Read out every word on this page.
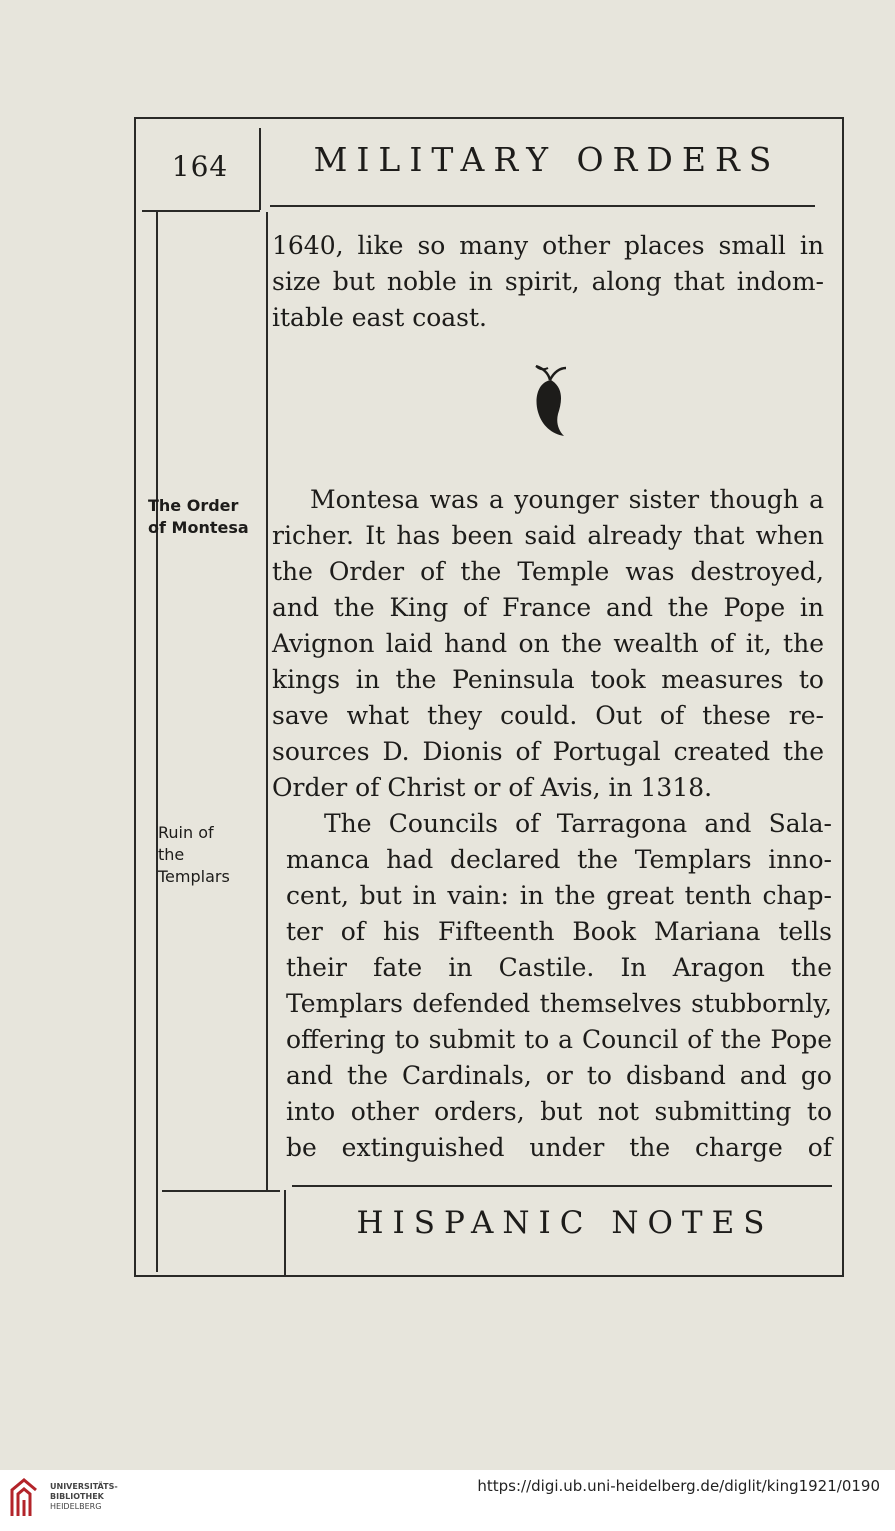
164	MILITARY ORDERS
1640, like so many other places small in
size but noble in spirit, along that indom-
itable east coast.
Montesa was a younger sister though a
richer. It has been said already that when
the Order of the Temple was destroyed,
and the King of France and the Pope in
Avignon laid hand on the wealth of it, the
kings in the Peninsula took measures to
save what they could. Out of these re-
sources D. Dionis of Portugal created the
Order of Christ or of Avis, in 1318.
The Councils of Tarragona and Sala-
manca had declared the Templars inno-
cent, but in vain: in the great tenth chap-
ter of his Fifteenth Book Mariana tells
their fate in Castile. In Aragon the
Templars defended themselves stubbornly,
offering to submit to a Council of the Pope
and the Cardinals, or to disband and go
into other orders, but not submitting to
be extinguished under the charge of
The Order
of Montesa
Ruin of
the
Templars
HISPANIC NOTES
UNIVERSITÄTS-
BIBLIOTHEK
HEIDELBERG
https://digi.ub.uni-heidelberg.de/diglit/king1921/0190
